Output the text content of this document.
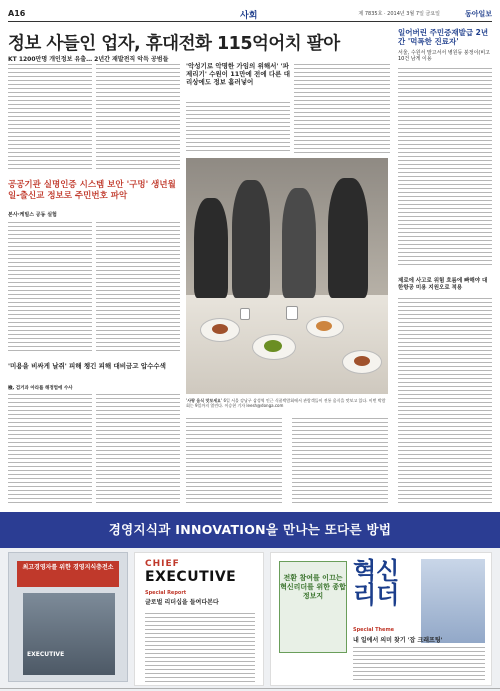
A16	사회	제 7835호 · 2014년 3월 7일 금요일	동아일보
정보 사들인 업자, 휴대전화 115억어치 팔아
KT 1200만명 개인정보 유출… 2년간 재발전직 악득 공범들
'악성기로 악명한 가임의 위해서' '파제리기' 수원이 11만에 전에 다른 대리상에도 정보 흘러넣어
일어버린 주민증재발급 2년간 '먹폭한 진료자'
서울, 수원서 말고서서 병원등 붕정이(비고 10건 남게 이용
공공기관 실명인증 시스템 보안 '구멍' 생년월일-출신교 정보로 주민번호 파악
본사·케빌스 공동 실험
'미용을 비싸게 날쥐' 피해 챙긴 피해 대비금고 압수수색
檢, 검거과 아라를 해정법에 수사
'사랑 음식 맛보세요' 6일 서울 강남구 삼성역 인근 식품박람회에서 관람객들이 전통 음식을 맛보고 있다. 이번 박람회는 9일까지 열린다. 이승현 기자 leesh@donga.com
제로에 사고로 위험 흐름에 빠해야 대한항공 미용 지원오로 적용
경영지식과 INNOVATION을 만나는 또다른 방법
최고경영자를 위한 경영지식층전소
EXECUTIVE
CHIEF
EXECUTIVE
Special Report
글로벌 리더십을 들여다본다
전환 참여를 이끄는 혁신리더를 위한 종합 정보지
혁신리더
Special Theme
내 일에서 의미 찾기 '잡 크래프팅'
